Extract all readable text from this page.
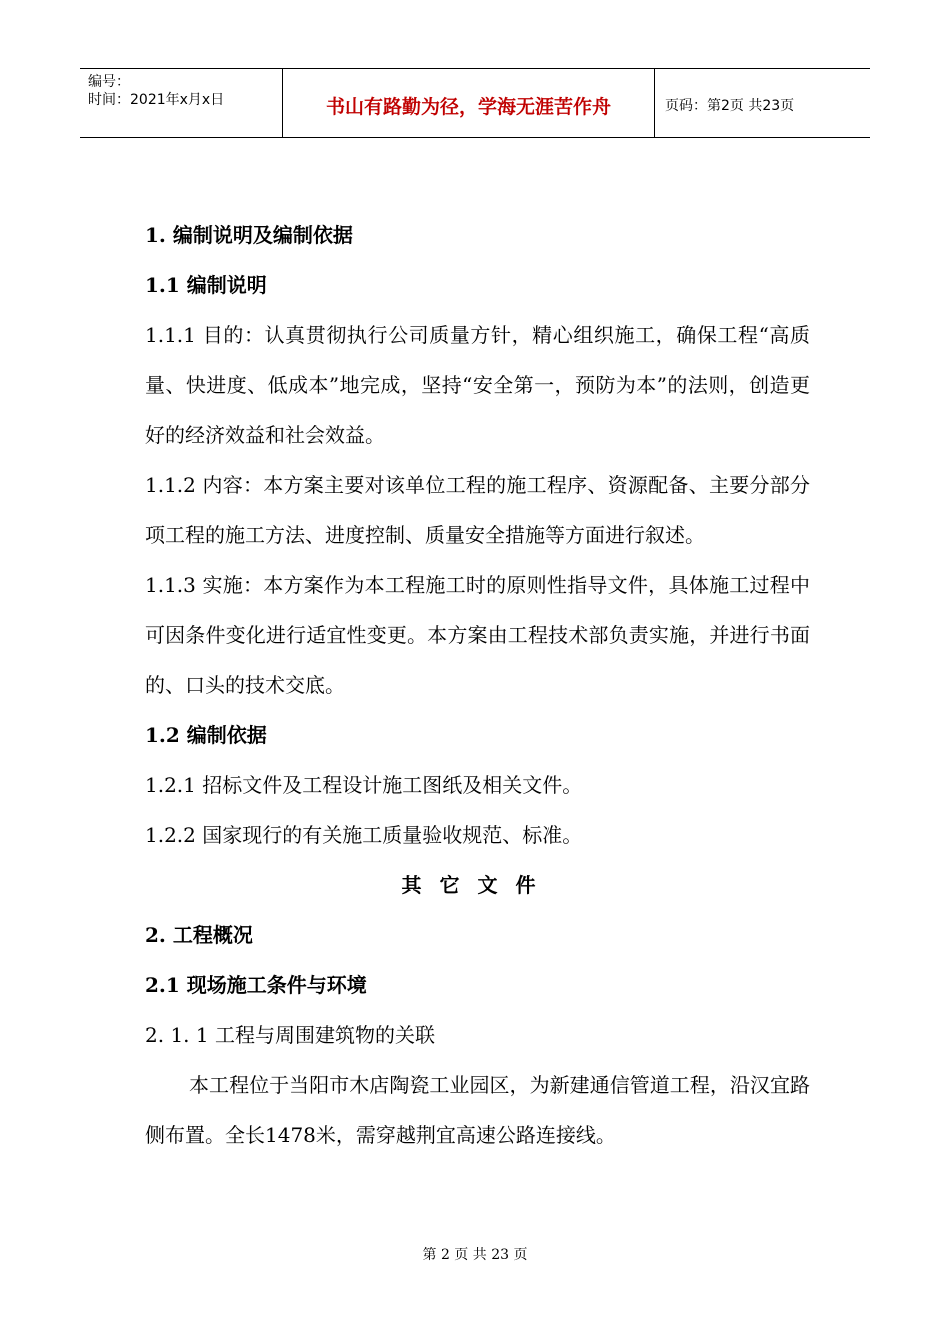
编号：
时间：2021年x月x日	书山有路勤为径，学海无涯苦作舟	页码：第2页 共23页

1. 编制说明及编制依据

1.1 编制说明

1.1.1 目的：认真贯彻执行公司质量方针，精心组织施工，确保工程“高质量、快进度、低成本”地完成，坚持“安全第一，预防为本”的法则，创造更好的经济效益和社会效益。

1.1.2 内容：本方案主要对该单位工程的施工程序、资源配备、主要分部分项工程的施工方法、进度控制、质量安全措施等方面进行叙述。

1.1.3 实施：本方案作为本工程施工时的原则性指导文件，具体施工过程中可因条件变化进行适宜性变更。本方案由工程技术部负责实施，并进行书面的、口头的技术交底。

1.2 编制依据

1.2.1 招标文件及工程设计施工图纸及相关文件。

1.2.2 国家现行的有关施工质量验收规范、标准。

其它文件

2. 工程概况

2.1 现场施工条件与环境

2. 1. 1 工程与周围建筑物的关联

本工程位于当阳市木店陶瓷工业园区，为新建通信管道工程，沿汉宜路侧布置。全长1478米，需穿越荆宜高速公路连接线。

第 2 页 共 23 页
